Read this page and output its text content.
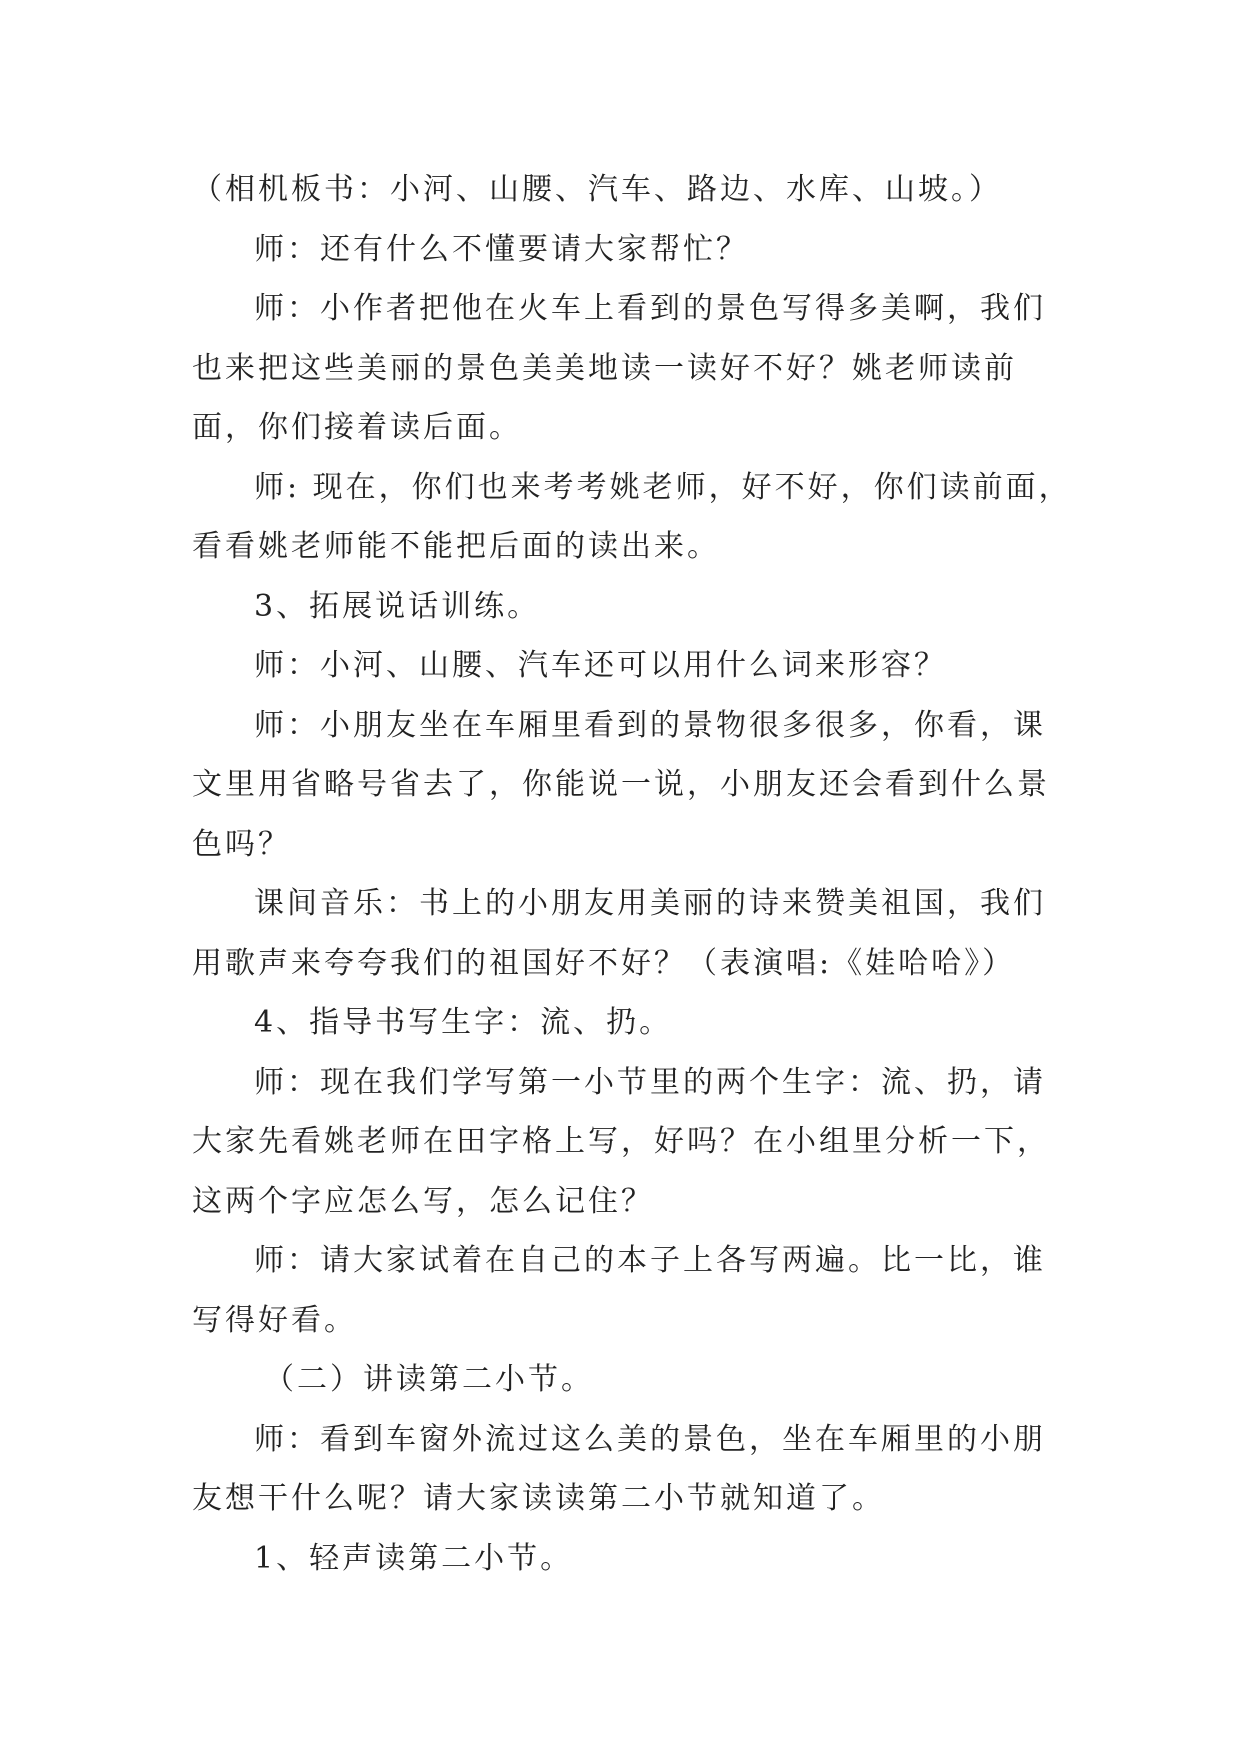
（相机板书：小河、山腰、汽车、路边、水库、山坡。）

师：还有什么不懂要请大家帮忙？

师：小作者把他在火车上看到的景色写得多美啊，我们也来把这些美丽的景色美美地读一读好不好？姚老师读前面，你们接着读后面。

师: 现在，你们也来考考姚老师，好不好，你们读前面，看看姚老师能不能把后面的读出来。

3、拓展说话训练。

师：小河、山腰、汽车还可以用什么词来形容？

师：小朋友坐在车厢里看到的景物很多很多，你看，课文里用省略号省去了，你能说一说，小朋友还会看到什么景色吗？

课间音乐：书上的小朋友用美丽的诗来赞美祖国，我们用歌声来夸夸我们的祖国好不好？（表演唱:《娃哈哈》）

4、指导书写生字：流、扔。

师：现在我们学写第一小节里的两个生字：流、扔，请大家先看姚老师在田字格上写，好吗？在小组里分析一下，这两个字应怎么写，怎么记住？

师：请大家试着在自己的本子上各写两遍。比一比，谁写得好看。

（二）讲读第二小节。

师：看到车窗外流过这么美的景色，坐在车厢里的小朋友想干什么呢？请大家读读第二小节就知道了。

1、轻声读第二小节。
